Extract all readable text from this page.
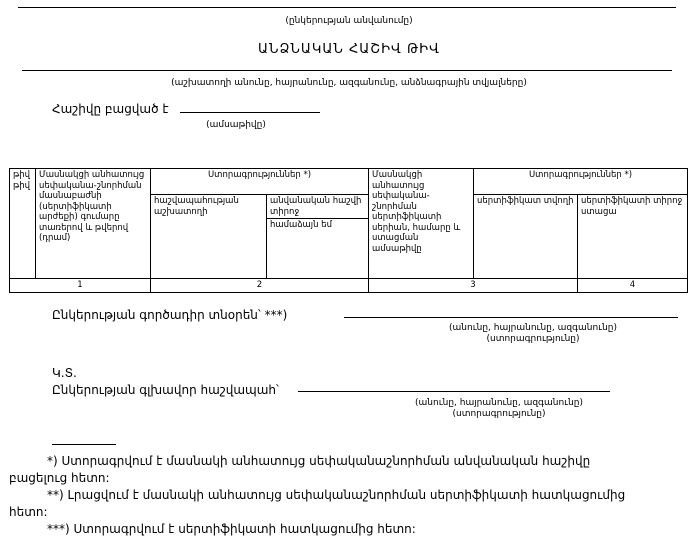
(ընկերության անվանումը)
ԱՆՁՆԱԿԱՆ ՀԱՇԻՎ ԹԻՎ
(աշխատողի անունը, հայրանունը, ազգանունը, անձնագրային տվյալները)
Հաշիվը բացված է
(ամսաթիվը)
թիվ թիվ	Մասնակցի անհատույց սեփականա-շնորհման մասնաբաժնի (սերտիֆիկատի արժեքի) գումարը տառերով և թվերով (դրամ)	Ստորագրություններ *)		Մասնակցի անհատույց սեփականա-շնորհման սերտիֆիկատի սերիան, համարը և ստացման ամսաթիվը	Ստորագրություններ *)	
		հաշվապահության աշխատողի	անվանական հաշվի տիրոջ		սերտիֆիկատ տվողի	սերտիֆիկատի տիրոջ ստացա
			համաձայն եմ			
1		2		3		4
Ընկերության գործադիր տնօրեն՝ ***)
(անունը, հայրանունը, ազգանունը)
(ստորագրությունը)
Կ.Տ.
Ընկերության գլխավոր հաշվապահ՝
(անունը, հայրանունը, ազգանունը)
(ստորագրությունը)
*) Ստորագրվում է մասնակի անհատույց սեփականաշնորհման անվանական հաշիվը
բացելուց հետո:
**) Լրացվում է մասնակի անհատույց սեփականաշնորհման սերտիֆիկատի հատկացումից
հետո:
***) Ստորագրվում է սերտիֆիկատի հատկացումից հետո:
